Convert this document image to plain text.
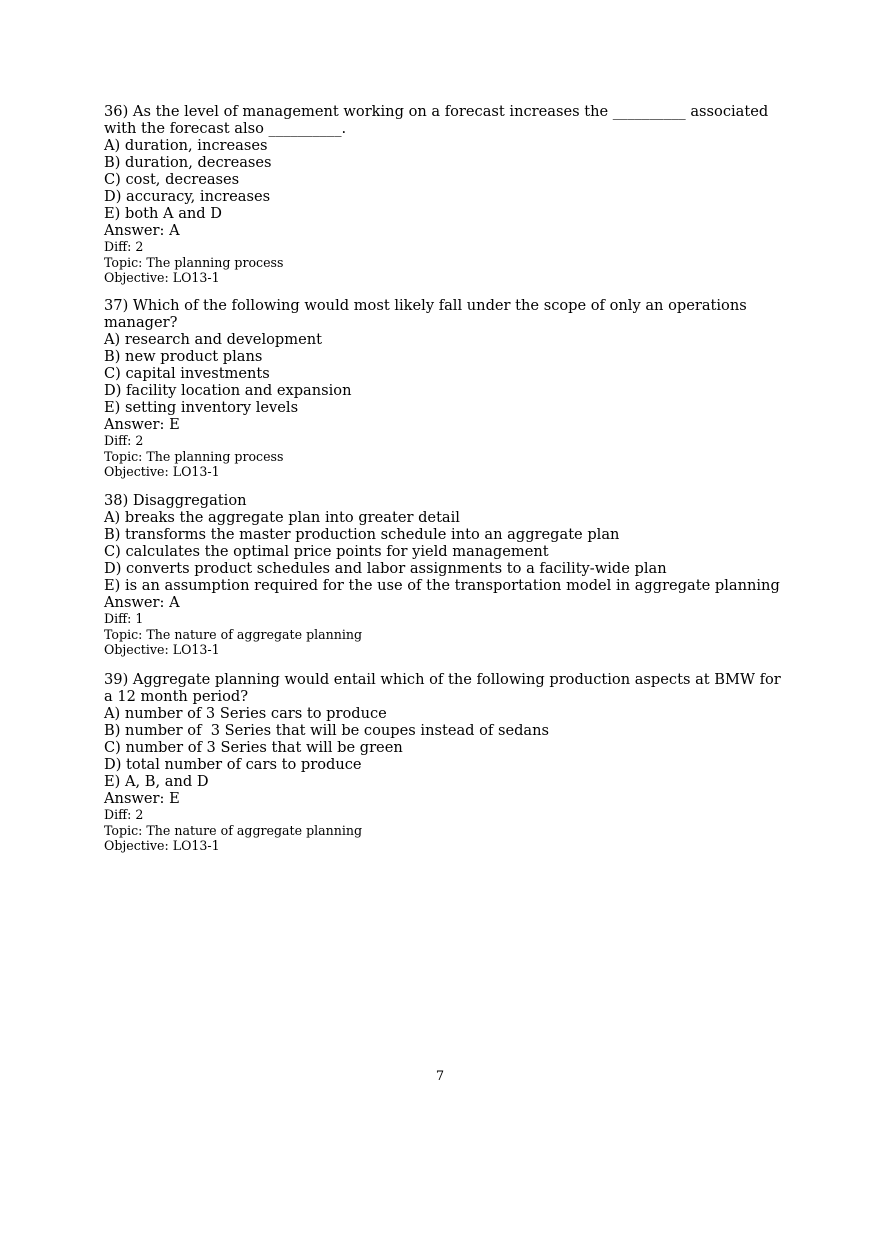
36) As the level of management working on a forecast increases the __________ associated with the forecast also __________.
A) duration, increases
B) duration, decreases
C) cost, decreases
D) accuracy, increases
E) both A and D
Answer: A
Diff: 2
Topic: The planning process
Objective: LO13-1
37) Which of the following would most likely fall under the scope of only an operations manager?
A) research and development
B) new product plans
C) capital investments
D) facility location and expansion
E) setting inventory levels
Answer: E
Diff: 2
Topic: The planning process
Objective: LO13-1
38) Disaggregation
A) breaks the aggregate plan into greater detail
B) transforms the master production schedule into an aggregate plan
C) calculates the optimal price points for yield management
D) converts product schedules and labor assignments to a facility-wide plan
E) is an assumption required for the use of the transportation model in aggregate planning
Answer: A
Diff: 1
Topic: The nature of aggregate planning
Objective: LO13-1
39) Aggregate planning would entail which of the following production aspects at BMW for a 12 month period?
A) number of 3 Series cars to produce
B) number of  3 Series that will be coupes instead of sedans
C) number of 3 Series that will be green
D) total number of cars to produce
E) A, B, and D
Answer: E
Diff: 2
Topic: The nature of aggregate planning
Objective: LO13-1
7
